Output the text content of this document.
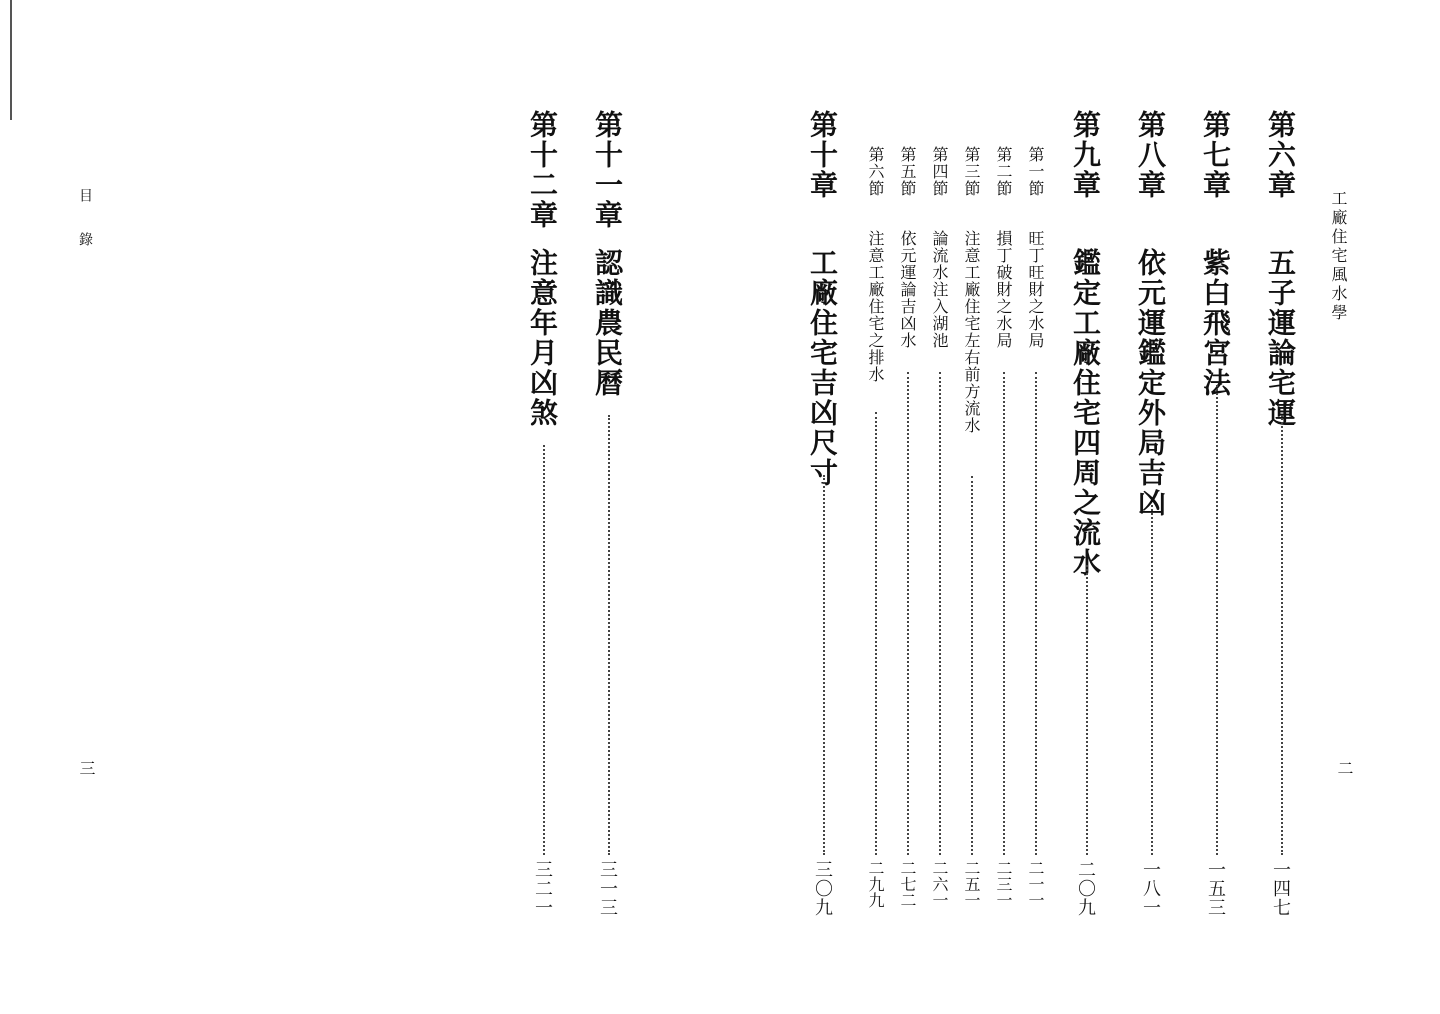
工廠住宅風水學
目
錄
二
三
第六章
五子運論宅運
一四七
第七章
紫白飛宮法
一五三
第八章
依元運鑑定外局吉凶
一八一
第九章
鑑定工廠住宅四周之流水
二〇九
第一節
旺丁旺財之水局
二一一
第二節
損丁破財之水局
二三一
第三節
注意工廠住宅左右前方流水
二五一
第四節
論流水注入湖池
二六一
第五節
依元運論吉凶水
二七二
第六節
注意工廠住宅之排水
二九九
第十章
工廠住宅吉凶尺寸
三〇九
第十一章
認識農民曆
三一三
第十二章
注意年月凶煞
三二一
